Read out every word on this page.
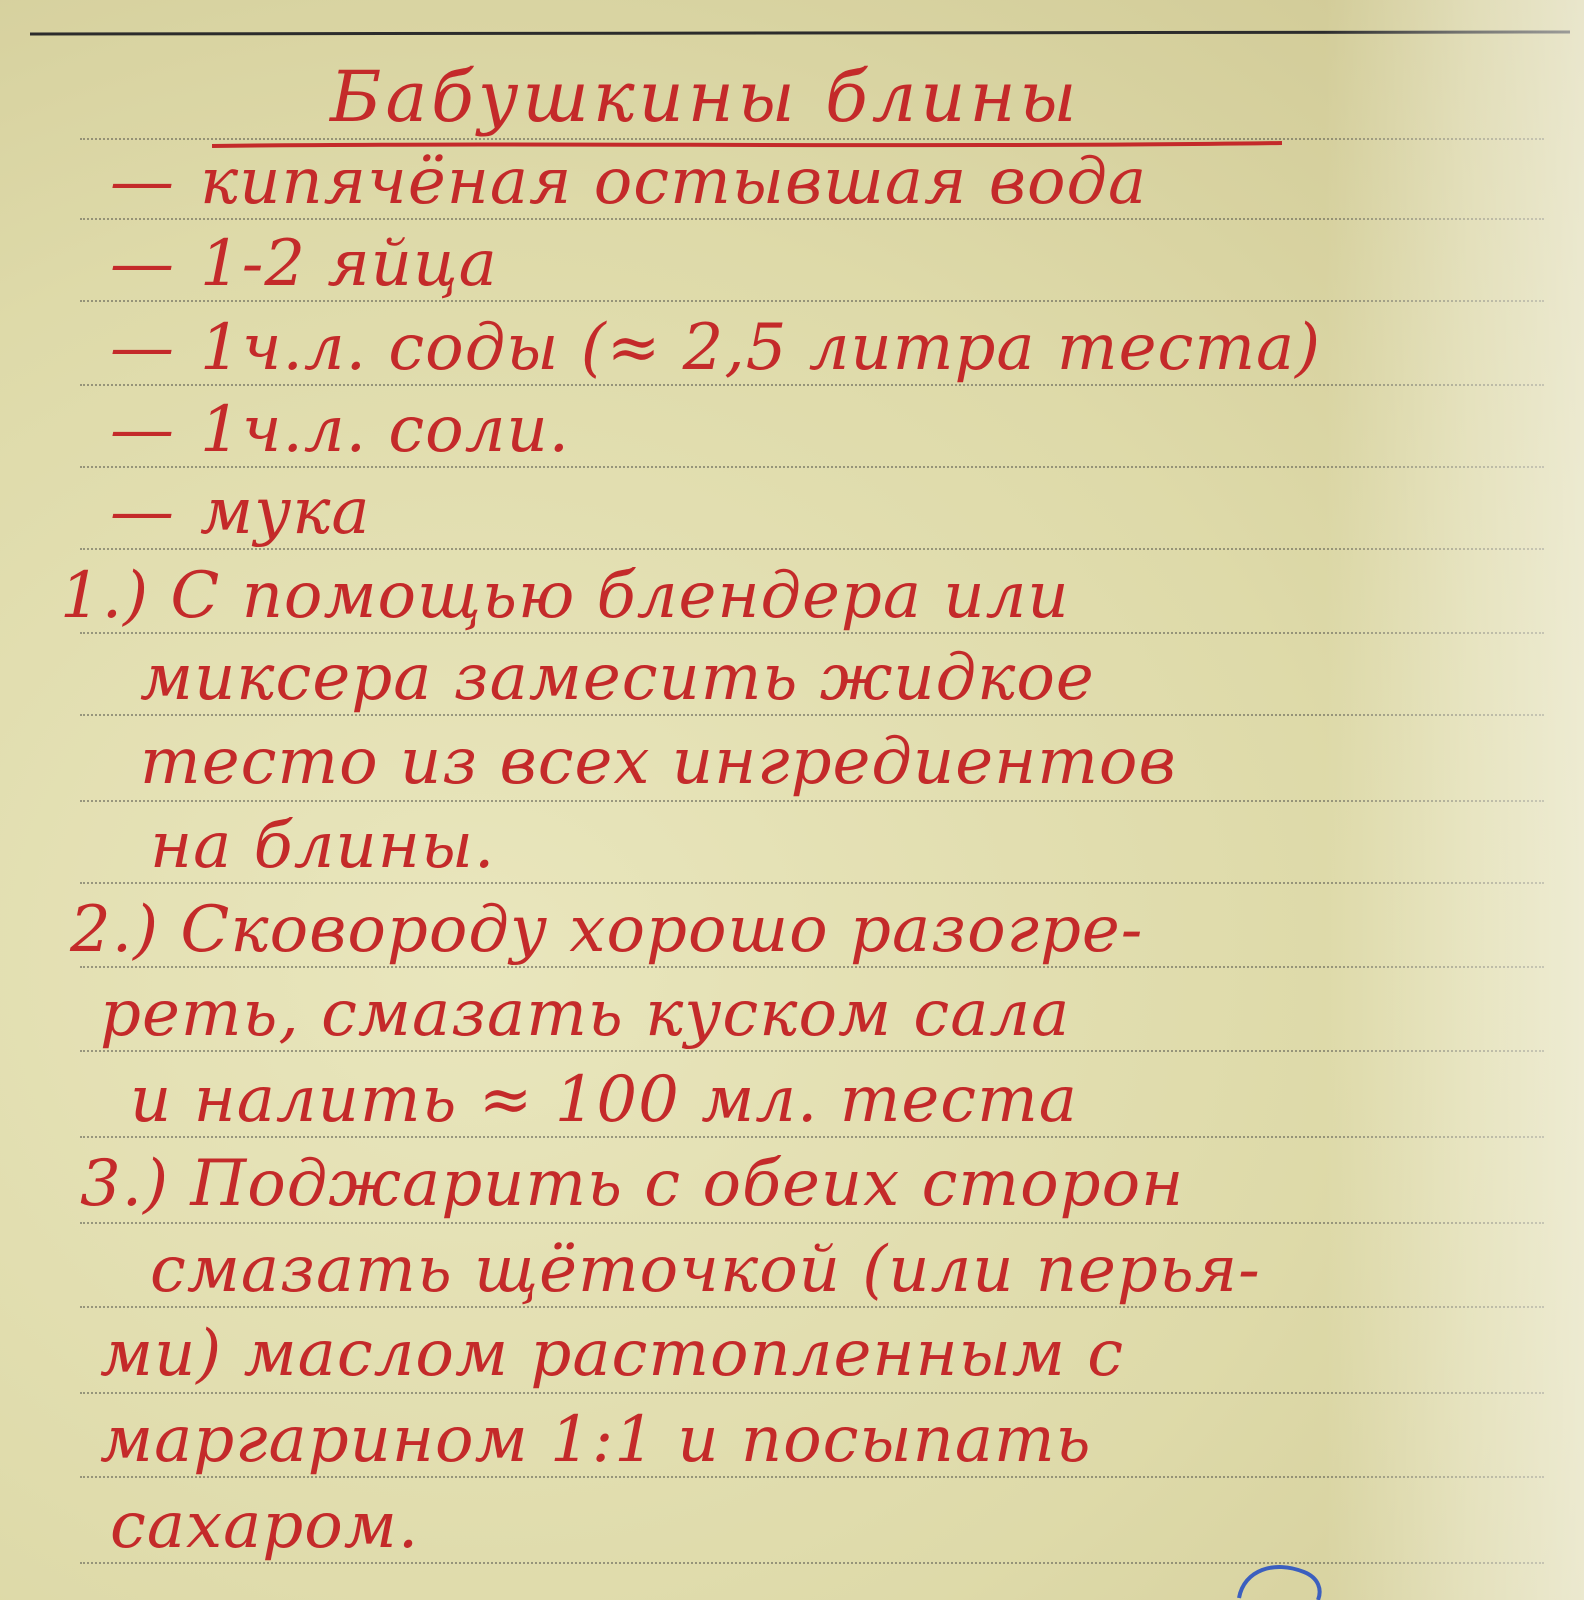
Бабушкины блины
— кипячёная остывшая вода
— 1-2 яйца
— 1ч.л. соды (≈ 2,5 литра теста)
— 1ч.л. соли.
— мука
1.) С помощью блендера или
миксера замесить жидкое
тесто из всех ингредиентов
на блины.
2.) Сковороду хорошо разогре-
реть, смазать куском сала
и налить ≈ 100 мл. теста
3.) Поджарить с обеих сторон
смазать щёточкой (или перья-
ми) маслом растопленным с
маргарином 1:1 и посыпать
сахаром.
